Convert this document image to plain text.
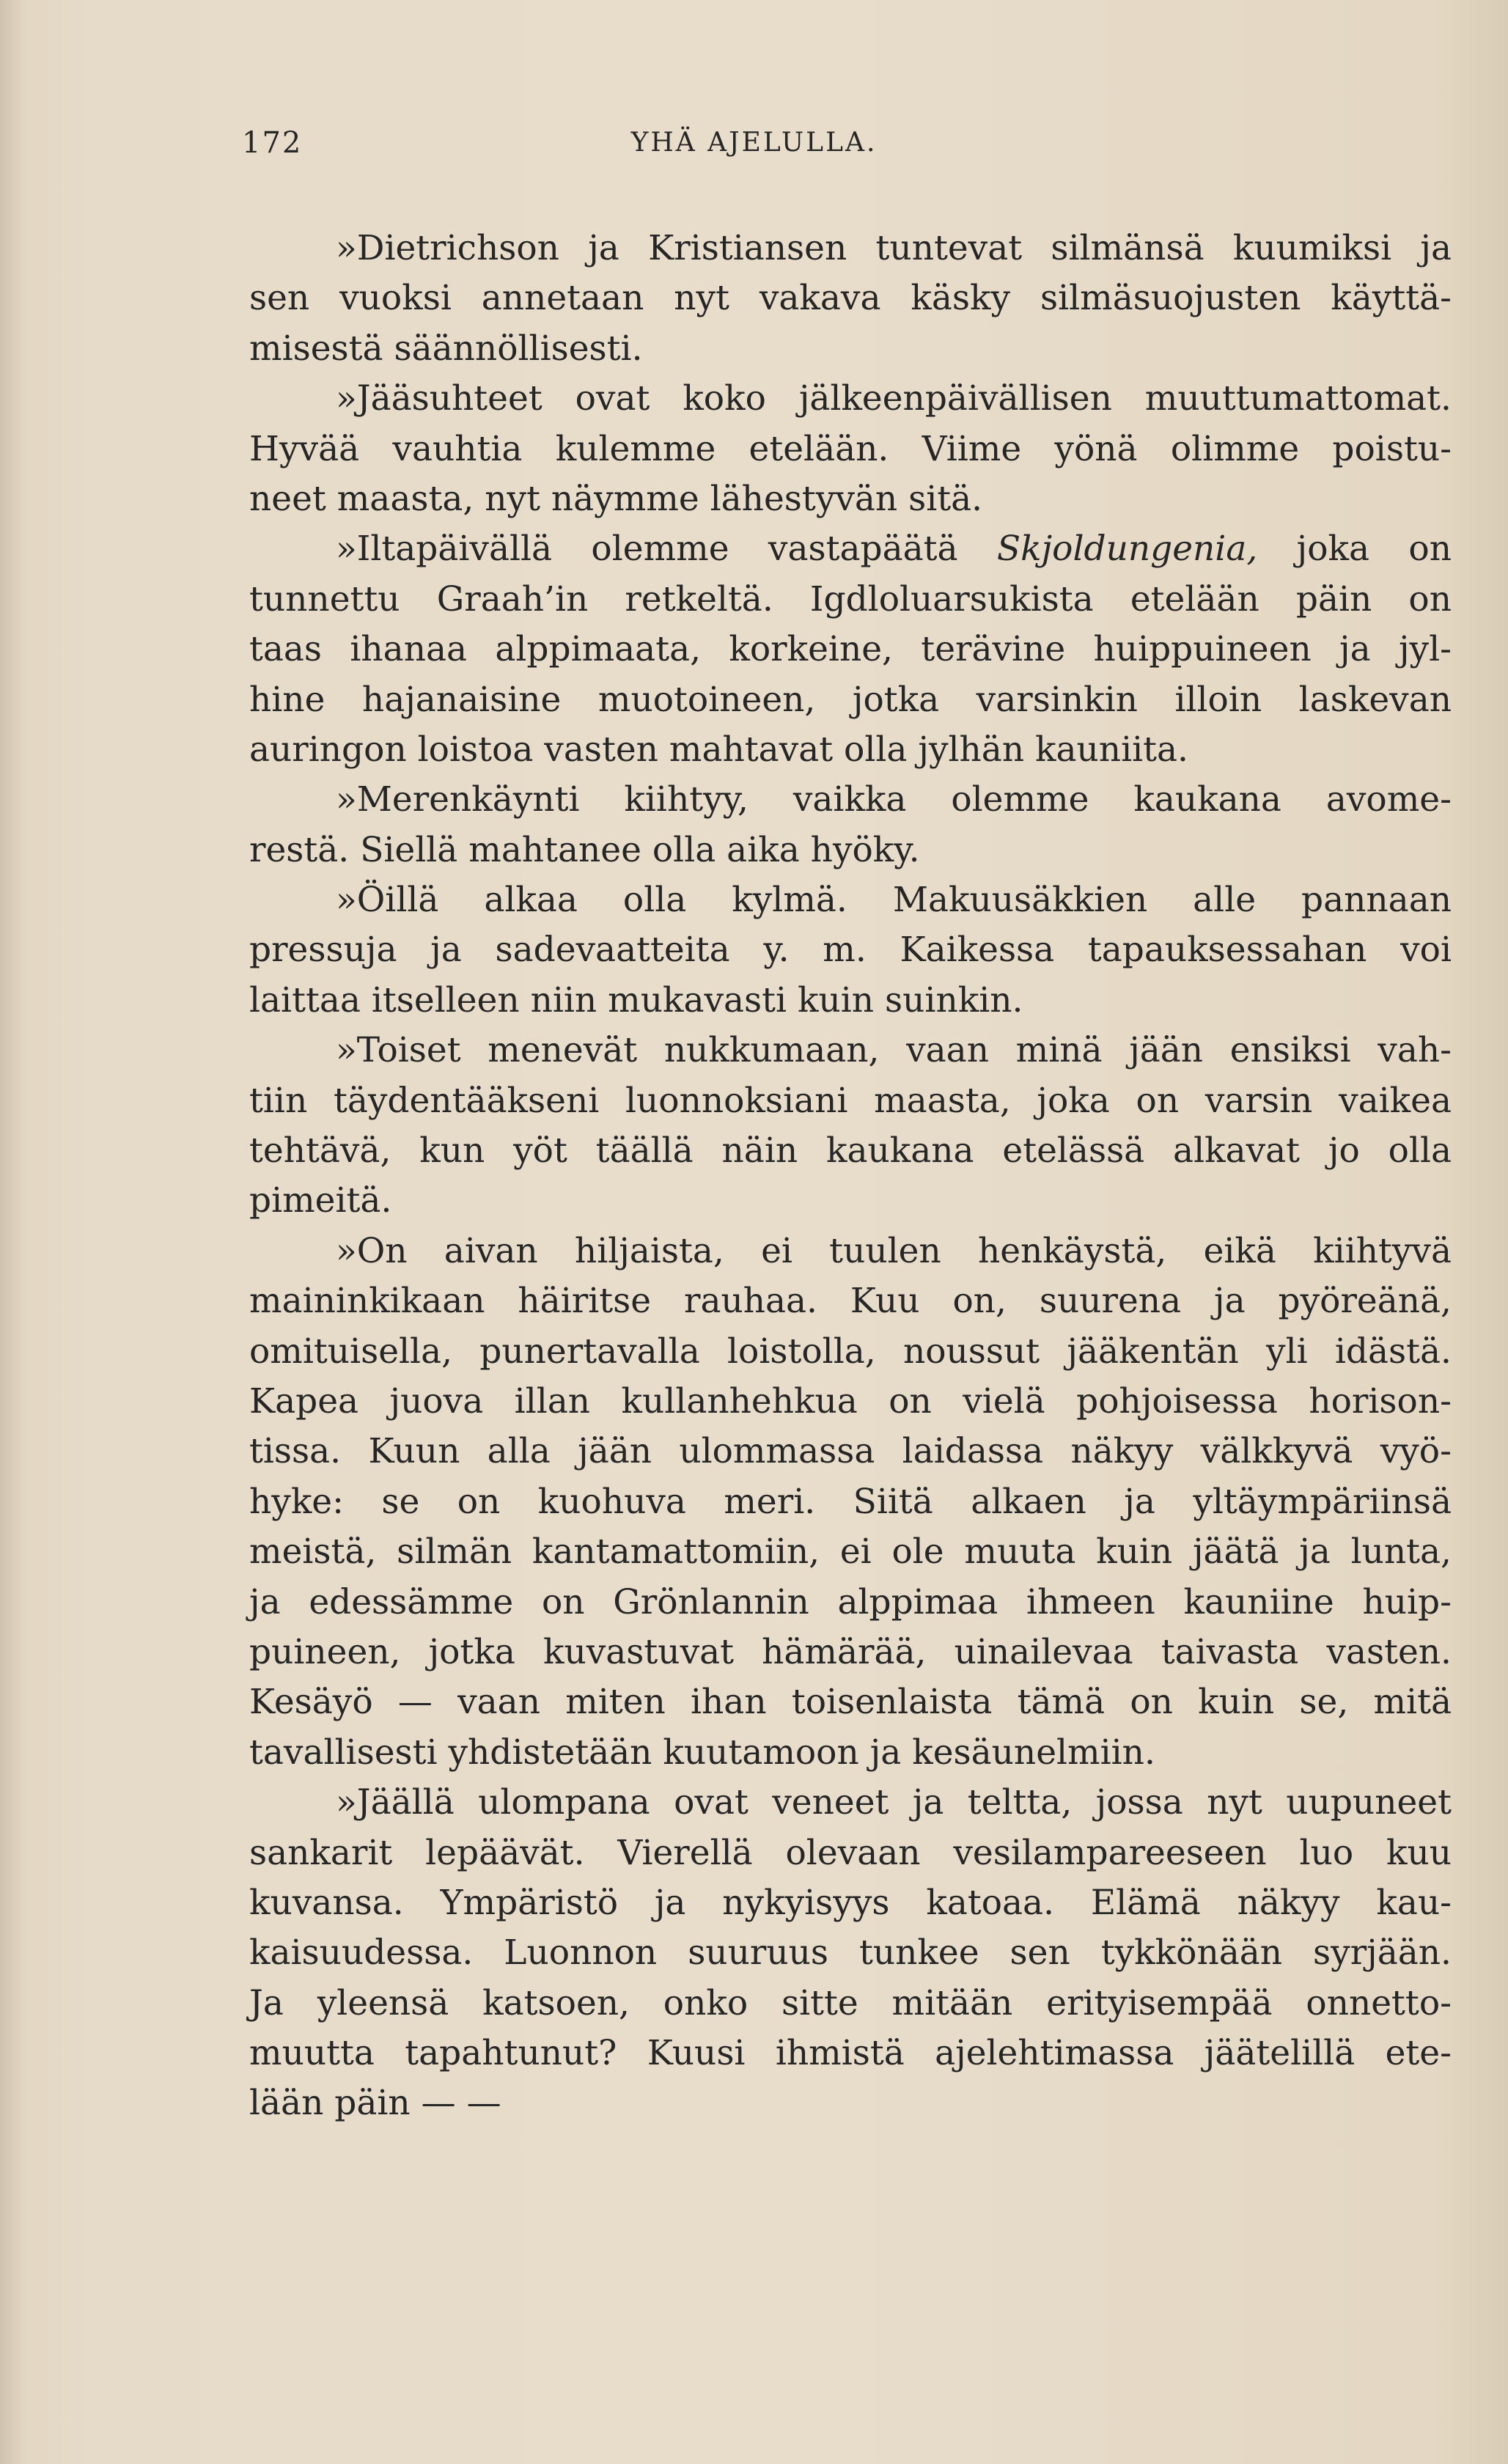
172	YHÄ AJELULLA.
»Dietrichson ja Kristiansen tuntevat silmänsä kuumiksi ja
sen vuoksi annetaan nyt vakava käsky silmäsuojusten käyttä-
misestä säännöllisesti.
»Jääsuhteet ovat koko jälkeenpäivällisen muuttumattomat.
Hyvää vauhtia kulemme etelään. Viime yönä olimme poistu-
neet maasta, nyt näymme lähestyvän sitä.
»Iltapäivällä olemme vastapäätä Skjoldungenia, joka on
tunnettu Graah’in retkeltä. Igdloluarsukista etelään päin on
taas ihanaa alppimaata, korkeine, terävine huippuineen ja jyl-
hine hajanaisine muotoineen, jotka varsinkin illoin laskevan
auringon loistoa vasten mahtavat olla jylhän kauniita.
»Merenkäynti kiihtyy, vaikka olemme kaukana avome-
restä. Siellä mahtanee olla aika hyöky.
»Öillä alkaa olla kylmä. Makuusäkkien alle pannaan
pressuja ja sadevaatteita y. m. Kaikessa tapauksessahan voi
laittaa itselleen niin mukavasti kuin suinkin.
»Toiset menevät nukkumaan, vaan minä jään ensiksi vah-
tiin täydentääkseni luonnoksiani maasta, joka on varsin vaikea
tehtävä, kun yöt täällä näin kaukana etelässä alkavat jo olla
pimeitä.
»On aivan hiljaista, ei tuulen henkäystä, eikä kiihtyvä
maininkikaan häiritse rauhaa. Kuu on, suurena ja pyöreänä,
omituisella, punertavalla loistolla, noussut jääkentän yli idästä.
Kapea juova illan kullanhehkua on vielä pohjoisessa horison-
tissa. Kuun alla jään ulommassa laidassa näkyy välkkyvä vyö-
hyke: se on kuohuva meri. Siitä alkaen ja yltäympäriinsä
meistä, silmän kantamattomiin, ei ole muuta kuin jäätä ja lunta,
ja edessämme on Grönlannin alppimaa ihmeen kauniine huip-
puineen, jotka kuvastuvat hämärää, uinailevaa taivasta vasten.
Kesäyö — vaan miten ihan toisenlaista tämä on kuin se, mitä
tavallisesti yhdistetään kuutamoon ja kesäunelmiin.
»Jäällä ulompana ovat veneet ja teltta, jossa nyt uupuneet
sankarit lepäävät. Vierellä olevaan vesilampareeseen luo kuu
kuvansa. Ympäristö ja nykyisyys katoaa. Elämä näkyy kau-
kaisuudessa. Luonnon suuruus tunkee sen tykkönään syrjään.
Ja yleensä katsoen, onko sitte mitään erityisempää onnetto-
muutta tapahtunut? Kuusi ihmistä ajelehtimassa jäätelillä ete-
lään päin — —
